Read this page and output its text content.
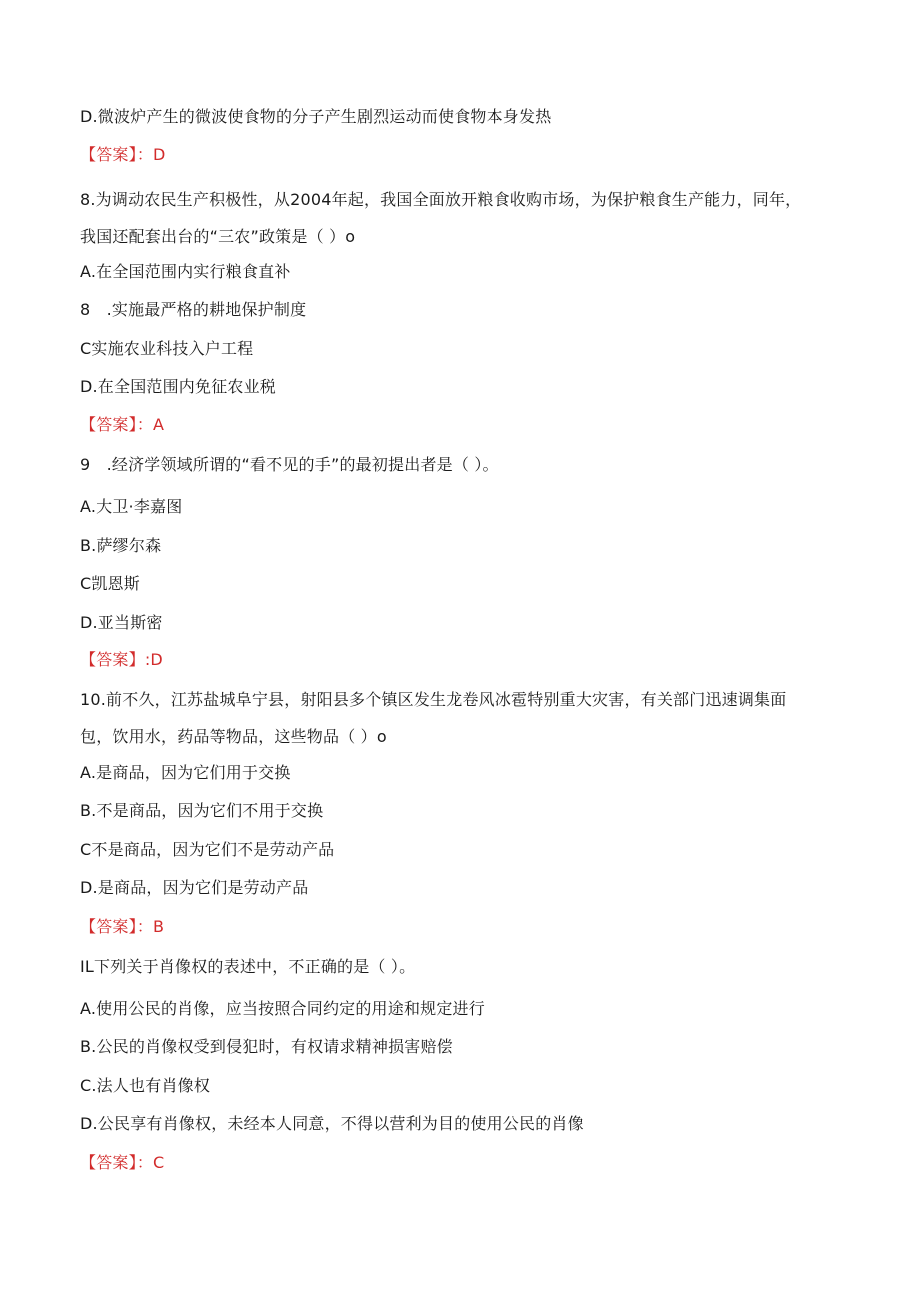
D.微波炉产生的微波使食物的分子产生剧烈运动而使食物本身发热
【答案】：D
8.为调动农民生产积极性，从2004年起，我国全面放开粮食收购市场，为保护粮食生产能力，同年，
我国还配套出台的“三农”政策是（ ）o
A.在全国范围内实行粮食直补
8　.实施最严格的耕地保护制度
C实施农业科技入户工程
D.在全国范围内免征农业税
【答案】：A
9　.经济学领域所谓的“看不见的手”的最初提出者是（ ）。
A.大卫·李嘉图
B.萨缪尔森
C凯恩斯
D.亚当斯密
【答案】:D
10.前不久，江苏盐城阜宁县，射阳县多个镇区发生龙卷风冰雹特别重大灾害，有关部门迅速调集面
包，饮用水，药品等物品，这些物品（ ）o
A.是商品，因为它们用于交换
B.不是商品，因为它们不用于交换
C不是商品，因为它们不是劳动产品
D.是商品，因为它们是劳动产品
【答案】：B
IL下列关于肖像权的表述中，不正确的是（ ）。
A.使用公民的肖像，应当按照合同约定的用途和规定进行
B.公民的肖像权受到侵犯时，有权请求精神损害赔偿
C.法人也有肖像权
D.公民享有肖像权，未经本人同意，不得以营利为目的使用公民的肖像
【答案】：C
